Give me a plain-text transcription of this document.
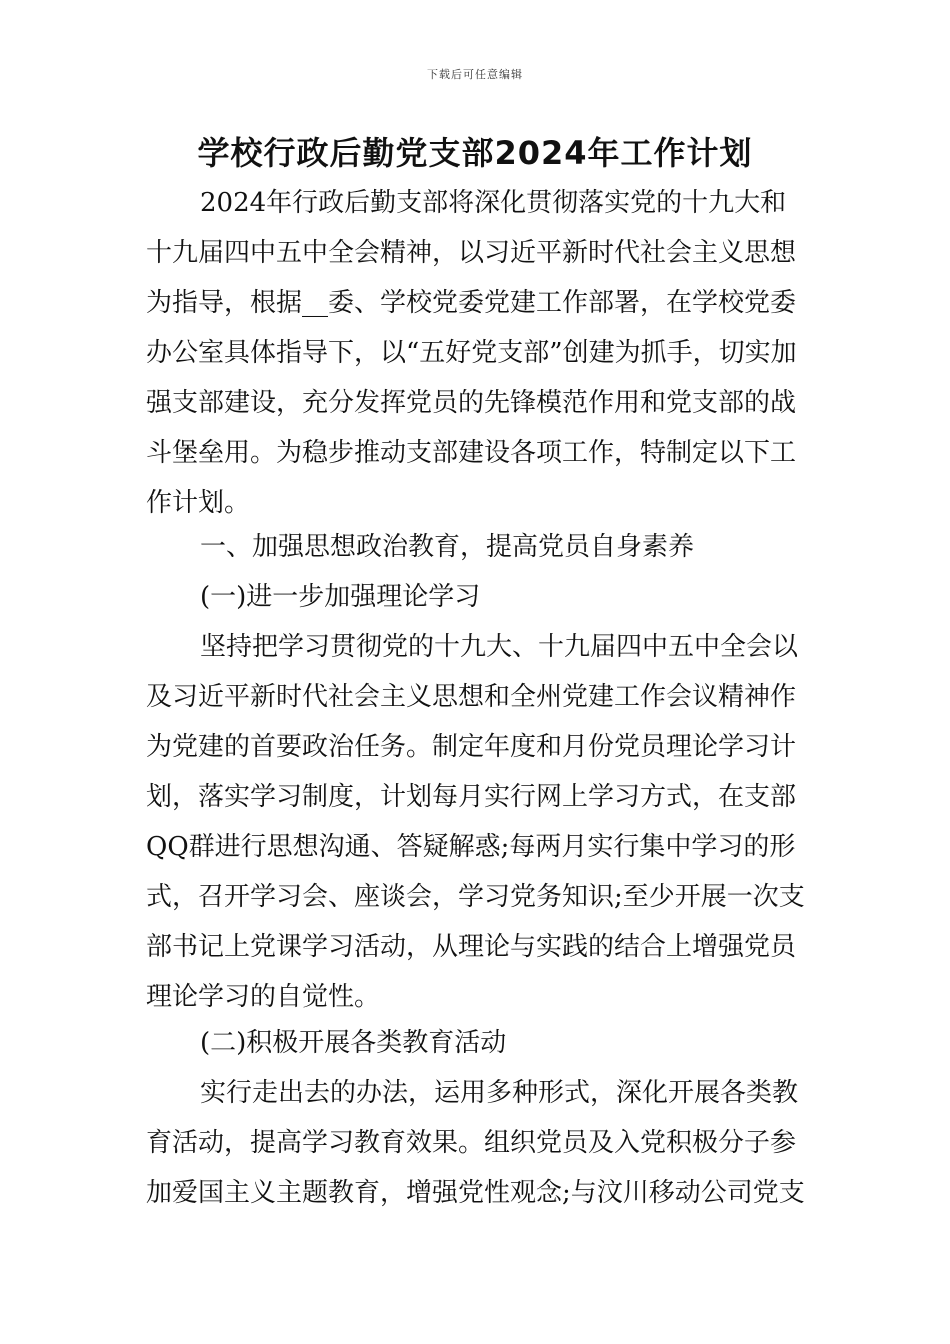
下载后可任意编辑
学校行政后勤党支部2024年工作计划

2024年行政后勤支部将深化贯彻落实党的十九大和十九届四中五中全会精神，以习近平新时代社会主义思想为指导，根据__委、学校党委党建工作部署，在学校党委办公室具体指导下，以“五好党支部”创建为抓手，切实加强支部建设，充分发挥党员的先锋模范作用和党支部的战斗堡垒用。为稳步推动支部建设各项工作，特制定以下工作计划。

一、加强思想政治教育，提高党员自身素养

(一)进一步加强理论学习

坚持把学习贯彻党的十九大、十九届四中五中全会以及习近平新时代社会主义思想和全州党建工作会议精神作为党建的首要政治任务。制定年度和月份党员理论学习计划，落实学习制度，计划每月实行网上学习方式，在支部QQ群进行思想沟通、答疑解惑;每两月实行集中学习的形式，召开学习会、座谈会，学习党务知识;至少开展一次支部书记上党课学习活动，从理论与实践的结合上增强党员理论学习的自觉性。

(二)积极开展各类教育活动

实行走出去的办法，运用多种形式，深化开展各类教育活动，提高学习教育效果。组织党员及入党积极分子参加爱国主义主题教育，增强党性观念;与汶川移动公司党支
